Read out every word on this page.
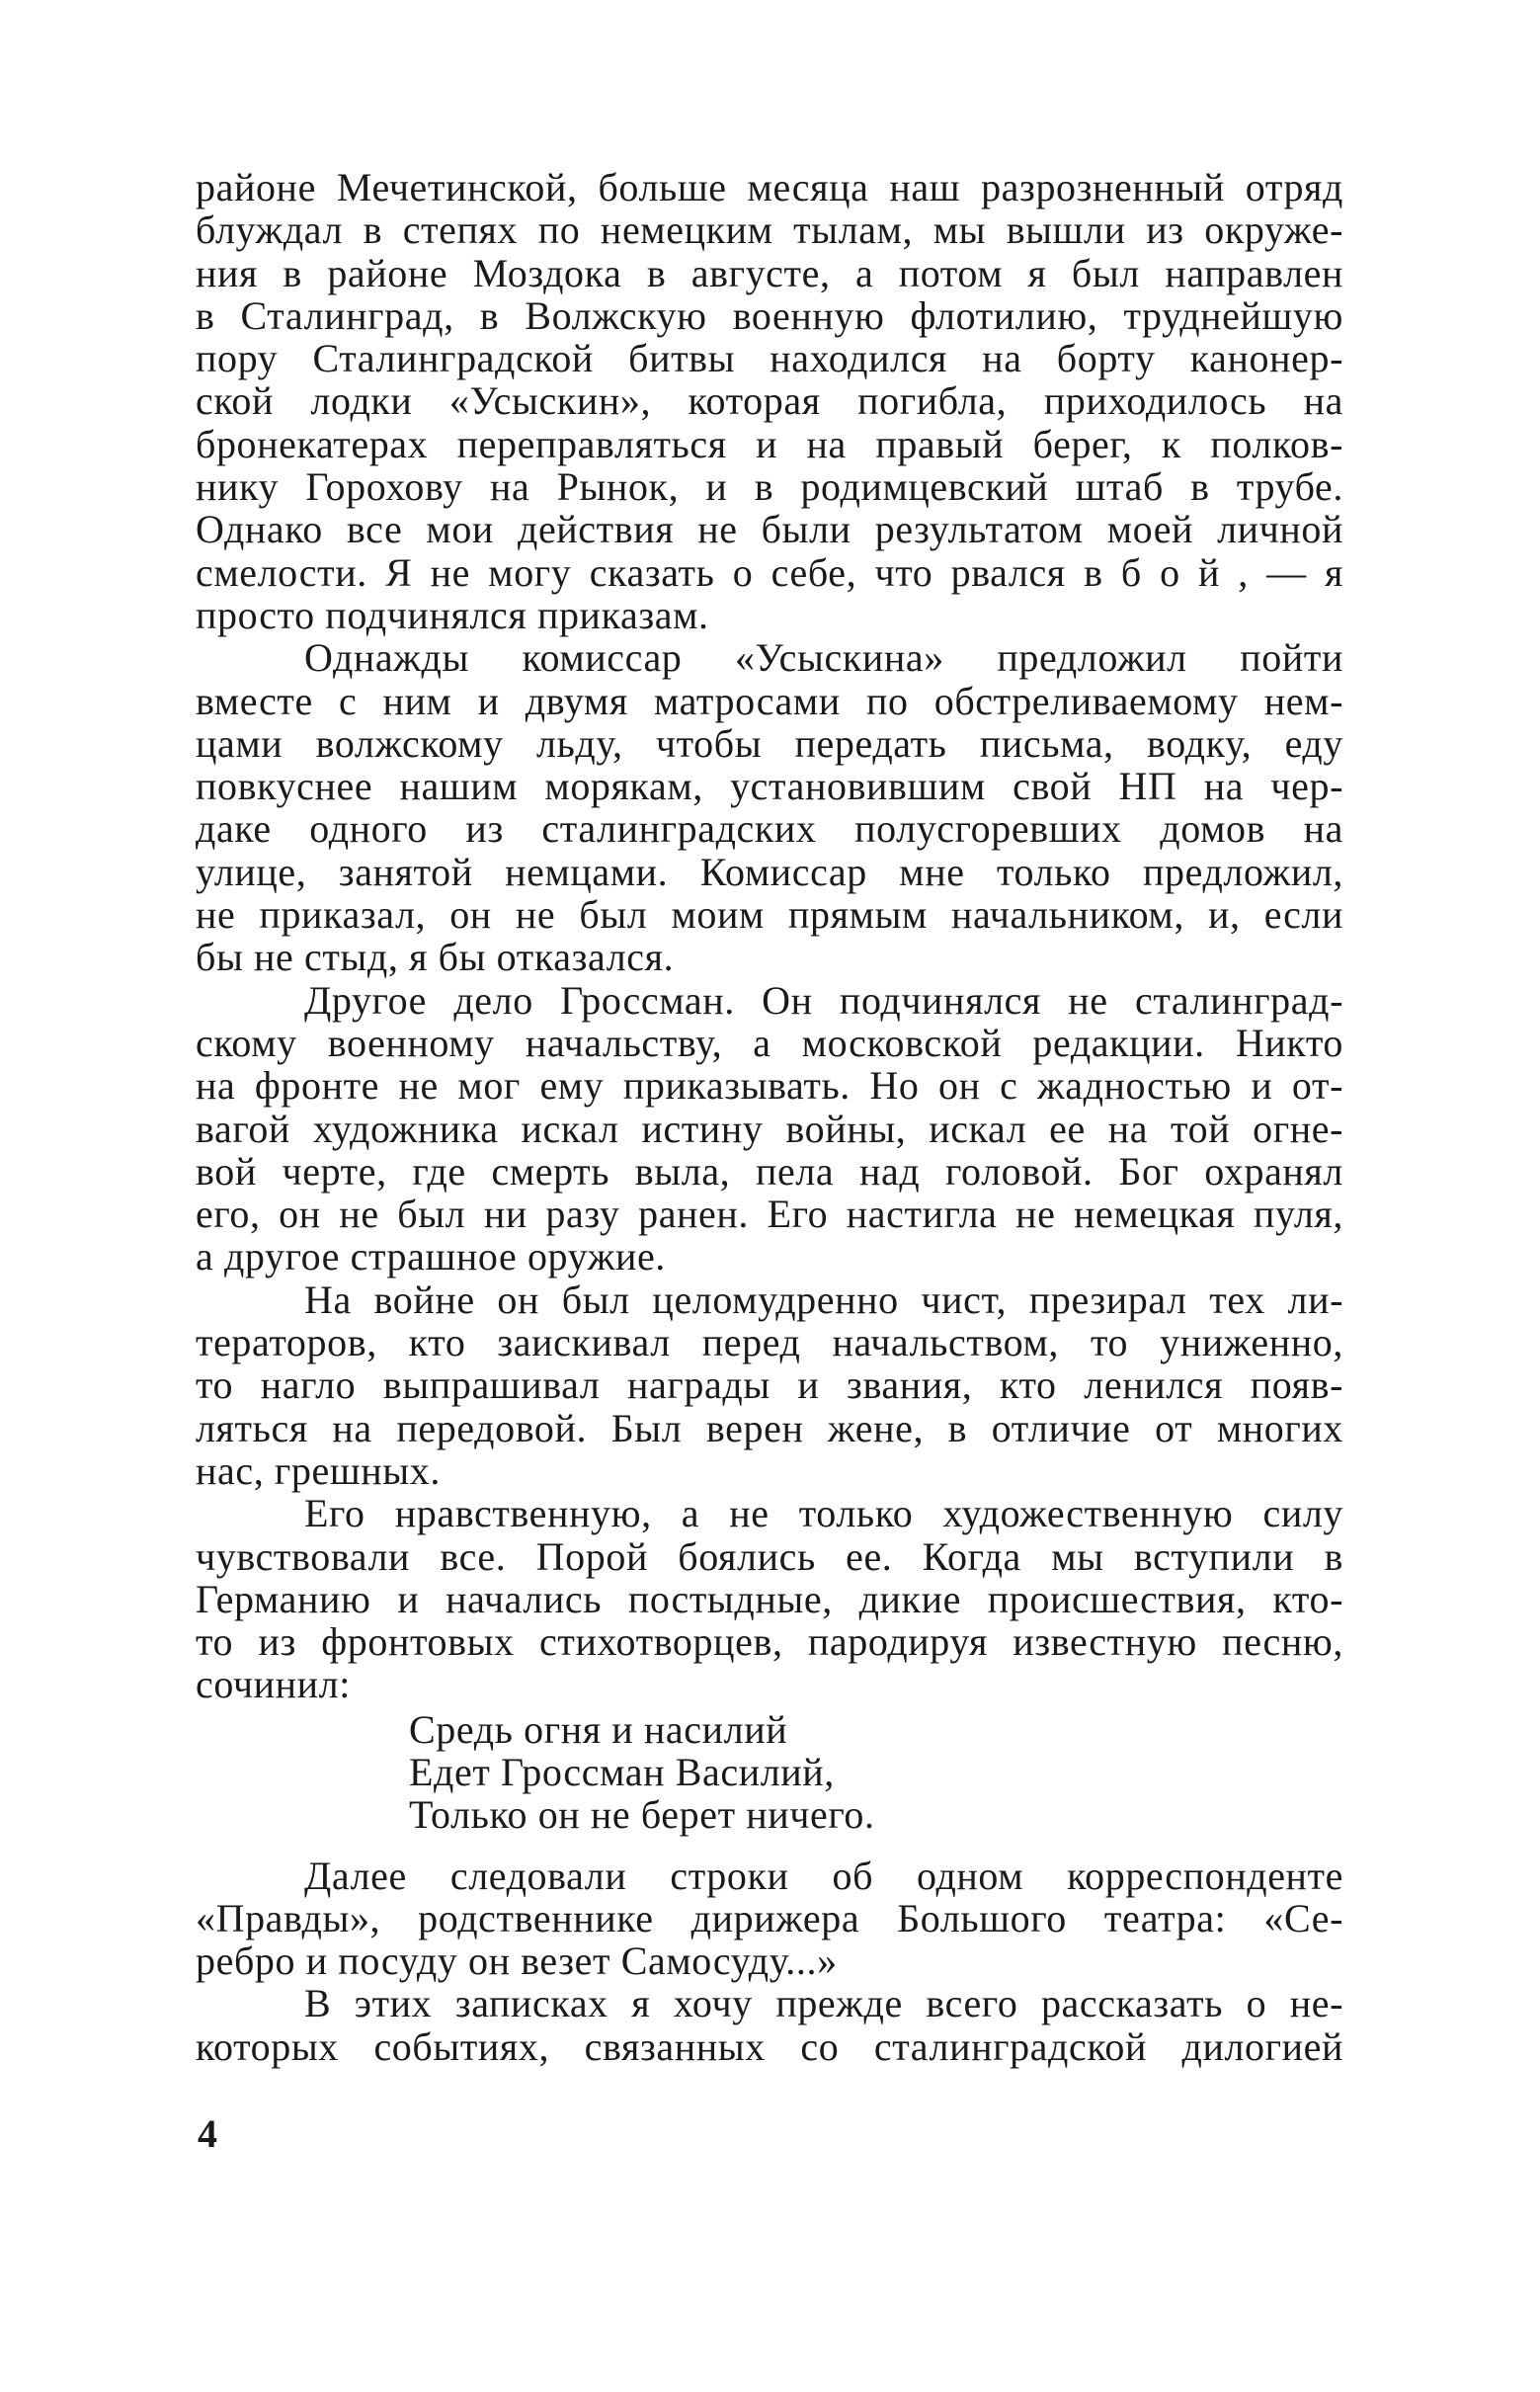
районе Мечетинской, больше месяца наш разрозненный отряд
блуждал в степях по немецким тылам, мы вышли из окруже-
ния в районе Моздока в августе, а потом я был направлен
в Сталинград, в Волжскую военную флотилию, труднейшую
пору Сталинградской битвы находился на борту канонер-
ской лодки «Усыскин», которая погибла, приходилось на
бронекатерах переправляться и на правый берег, к полков-
нику Горохову на Рынок, и в родимцевский штаб в трубе.
Однако все мои действия не были результатом моей личной
смелости. Я не могу сказать о себе, что рвался в б о й , — я
просто подчинялся приказам.
Однажды комиссар «Усыскина» предложил пойти
вместе с ним и двумя матросами по обстреливаемому нем-
цами волжскому льду, чтобы передать письма, водку, еду
повкуснее нашим морякам, установившим свой НП на чер-
даке одного из сталинградских полусгоревших домов на
улице, занятой немцами. Комиссар мне только предложил,
не приказал, он не был моим прямым начальником, и, если
бы не стыд, я бы отказался.
Другое дело Гроссман. Он подчинялся не сталинград-
скому военному начальству, а московской редакции. Никто
на фронте не мог ему приказывать. Но он с жадностью и от-
вагой художника искал истину войны, искал ее на той огне-
вой черте, где смерть выла, пела над головой. Бог охранял
его, он не был ни разу ранен. Его настигла не немецкая пуля,
а другое страшное оружие.
На войне он был целомудренно чист, презирал тех ли-
тераторов, кто заискивал перед начальством, то униженно,
то нагло выпрашивал награды и звания, кто ленился появ-
ляться на передовой. Был верен жене, в отличие от многих
нас, грешных.
Его нравственную, а не только художественную силу
чувствовали все. Порой боялись ее. Когда мы вступили в
Германию и начались постыдные, дикие происшествия, кто-
то из фронтовых стихотворцев, пародируя известную песню,
сочинил:
Средь огня и насилий
Едет Гроссман Василий,
Только он не берет ничего.
Далее следовали строки об одном корреспонденте
«Правды», родственнике дирижера Большого театра: «Се-
ребро и посуду он везет Самосуду...»
В этих записках я хочу прежде всего рассказать о не-
которых событиях, связанных со сталинградской дилогией
4
